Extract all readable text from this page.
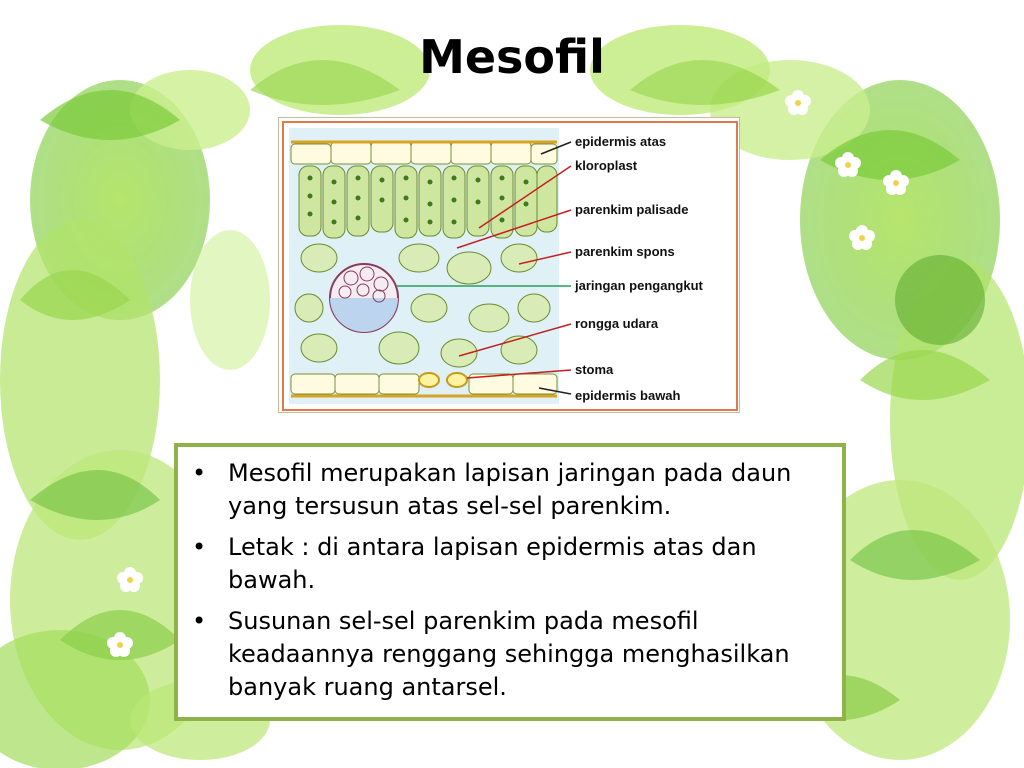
Mesofil
epidermis atas
kloroplast
parenkim palisade
parenkim spons
jaringan pengangkut
rongga udara
stoma
epidermis bawah
• Mesofil merupakan lapisan jaringan pada daun yang tersusun atas sel-sel parenkim.
• Letak : di antara lapisan epidermis atas dan bawah.
• Susunan sel-sel parenkim pada mesofil keadaannya renggang sehingga menghasilkan banyak ruang antarsel.
